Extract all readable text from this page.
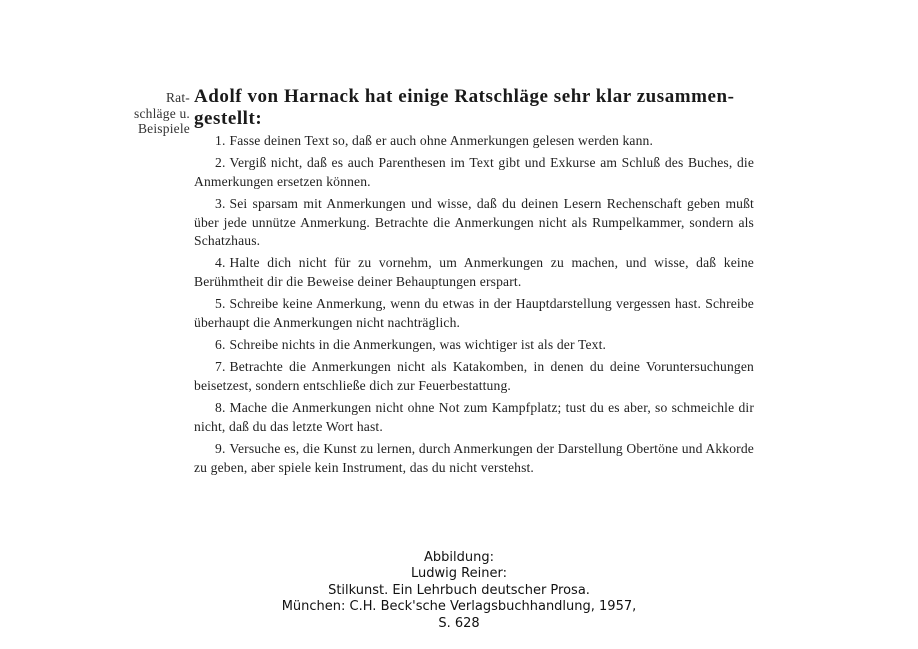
Rat-
schläge u.
Beispiele
Adolf von Harnack hat einige Ratschläge sehr klar zusammen-
gestellt:
1. Fasse deinen Text so, daß er auch ohne Anmerkungen gelesen werden kann.
2. Vergiß nicht, daß es auch Parenthesen im Text gibt und Exkurse am Schluß des Buches, die Anmerkungen ersetzen können.
3. Sei sparsam mit Anmerkungen und wisse, daß du deinen Lesern Rechenschaft geben mußt über jede unnütze Anmerkung. Betrachte die Anmerkungen nicht als Rumpelkammer, sondern als Schatzhaus.
4. Halte dich nicht für zu vornehm, um Anmerkungen zu machen, und wisse, daß keine Berühmtheit dir die Beweise deiner Behauptungen erspart.
5. Schreibe keine Anmerkung, wenn du etwas in der Hauptdarstellung vergessen hast. Schreibe überhaupt die Anmerkungen nicht nachträglich.
6. Schreibe nichts in die Anmerkungen, was wichtiger ist als der Text.
7. Betrachte die Anmerkungen nicht als Katakomben, in denen du deine Voruntersuchungen beisetzest, sondern entschließe dich zur Feuerbestattung.
8. Mache die Anmerkungen nicht ohne Not zum Kampfplatz; tust du es aber, so schmeichle dir nicht, daß du das letzte Wort hast.
9. Versuche es, die Kunst zu lernen, durch Anmerkungen der Darstellung Obertöne und Akkorde zu geben, aber spiele kein Instrument, das du nicht verstehst.
Abbildung:
Ludwig Reiner:
Stilkunst. Ein Lehrbuch deutscher Prosa.
München: C.H. Beck'sche Verlagsbuchhandlung, 1957,
S. 628
